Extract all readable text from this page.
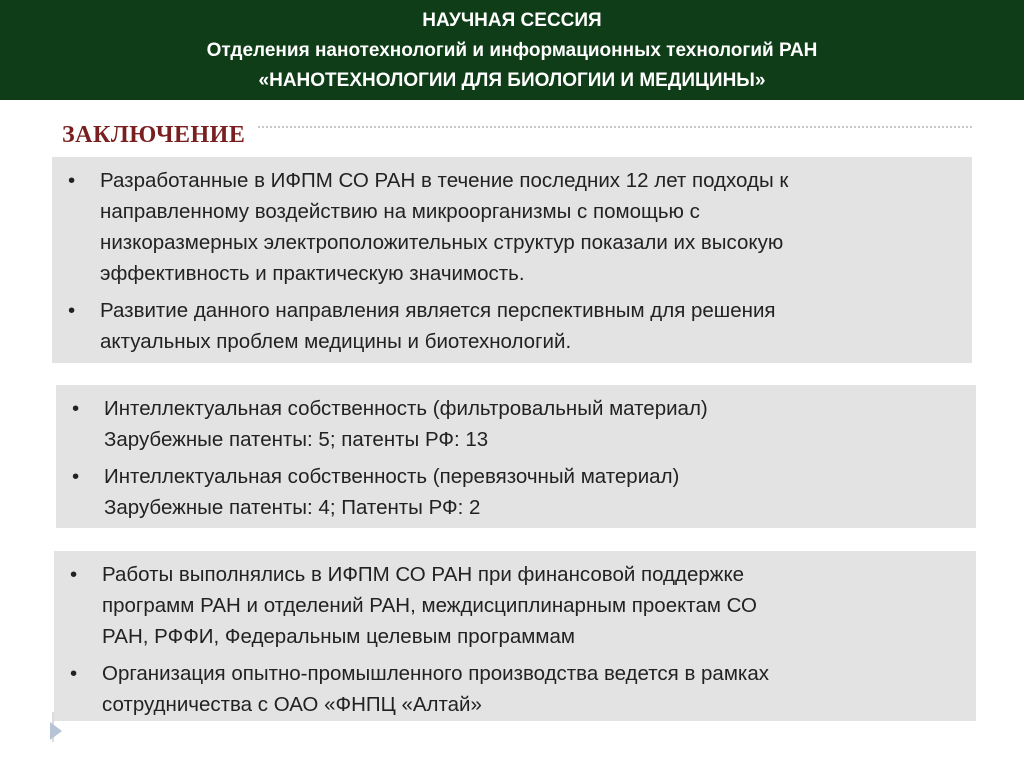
НАУЧНАЯ СЕССИЯ
Отделения нанотехнологий и информационных технологий РАН
«НАНОТЕХНОЛОГИИ ДЛЯ БИОЛОГИИ И МЕДИЦИНЫ»
ЗАКЛЮЧЕНИЕ
• Разработанные в ИФПМ СО РАН в течение последних 12 лет подходы к
направленному воздействию на микроорганизмы с помощью с
низкоразмерных электроположительных структур показали их высокую
эффективность и практическую значимость.
• Развитие данного направления является перспективным для решения
актуальных проблем медицины и биотехнологий.
• Интеллектуальная собственность (фильтровальный материал)
Зарубежные патенты: 5; патенты РФ: 13
• Интеллектуальная собственность (перевязочный материал)
Зарубежные патенты: 4; Патенты РФ: 2
• Работы выполнялись в ИФПМ СО РАН при финансовой поддержке
программ РАН и отделений РАН, междисциплинарным проектам СО
РАН, РФФИ, Федеральным целевым программам
• Организация опытно-промышленного производства ведется в рамках
сотрудничества с ОАО «ФНПЦ «Алтай»
